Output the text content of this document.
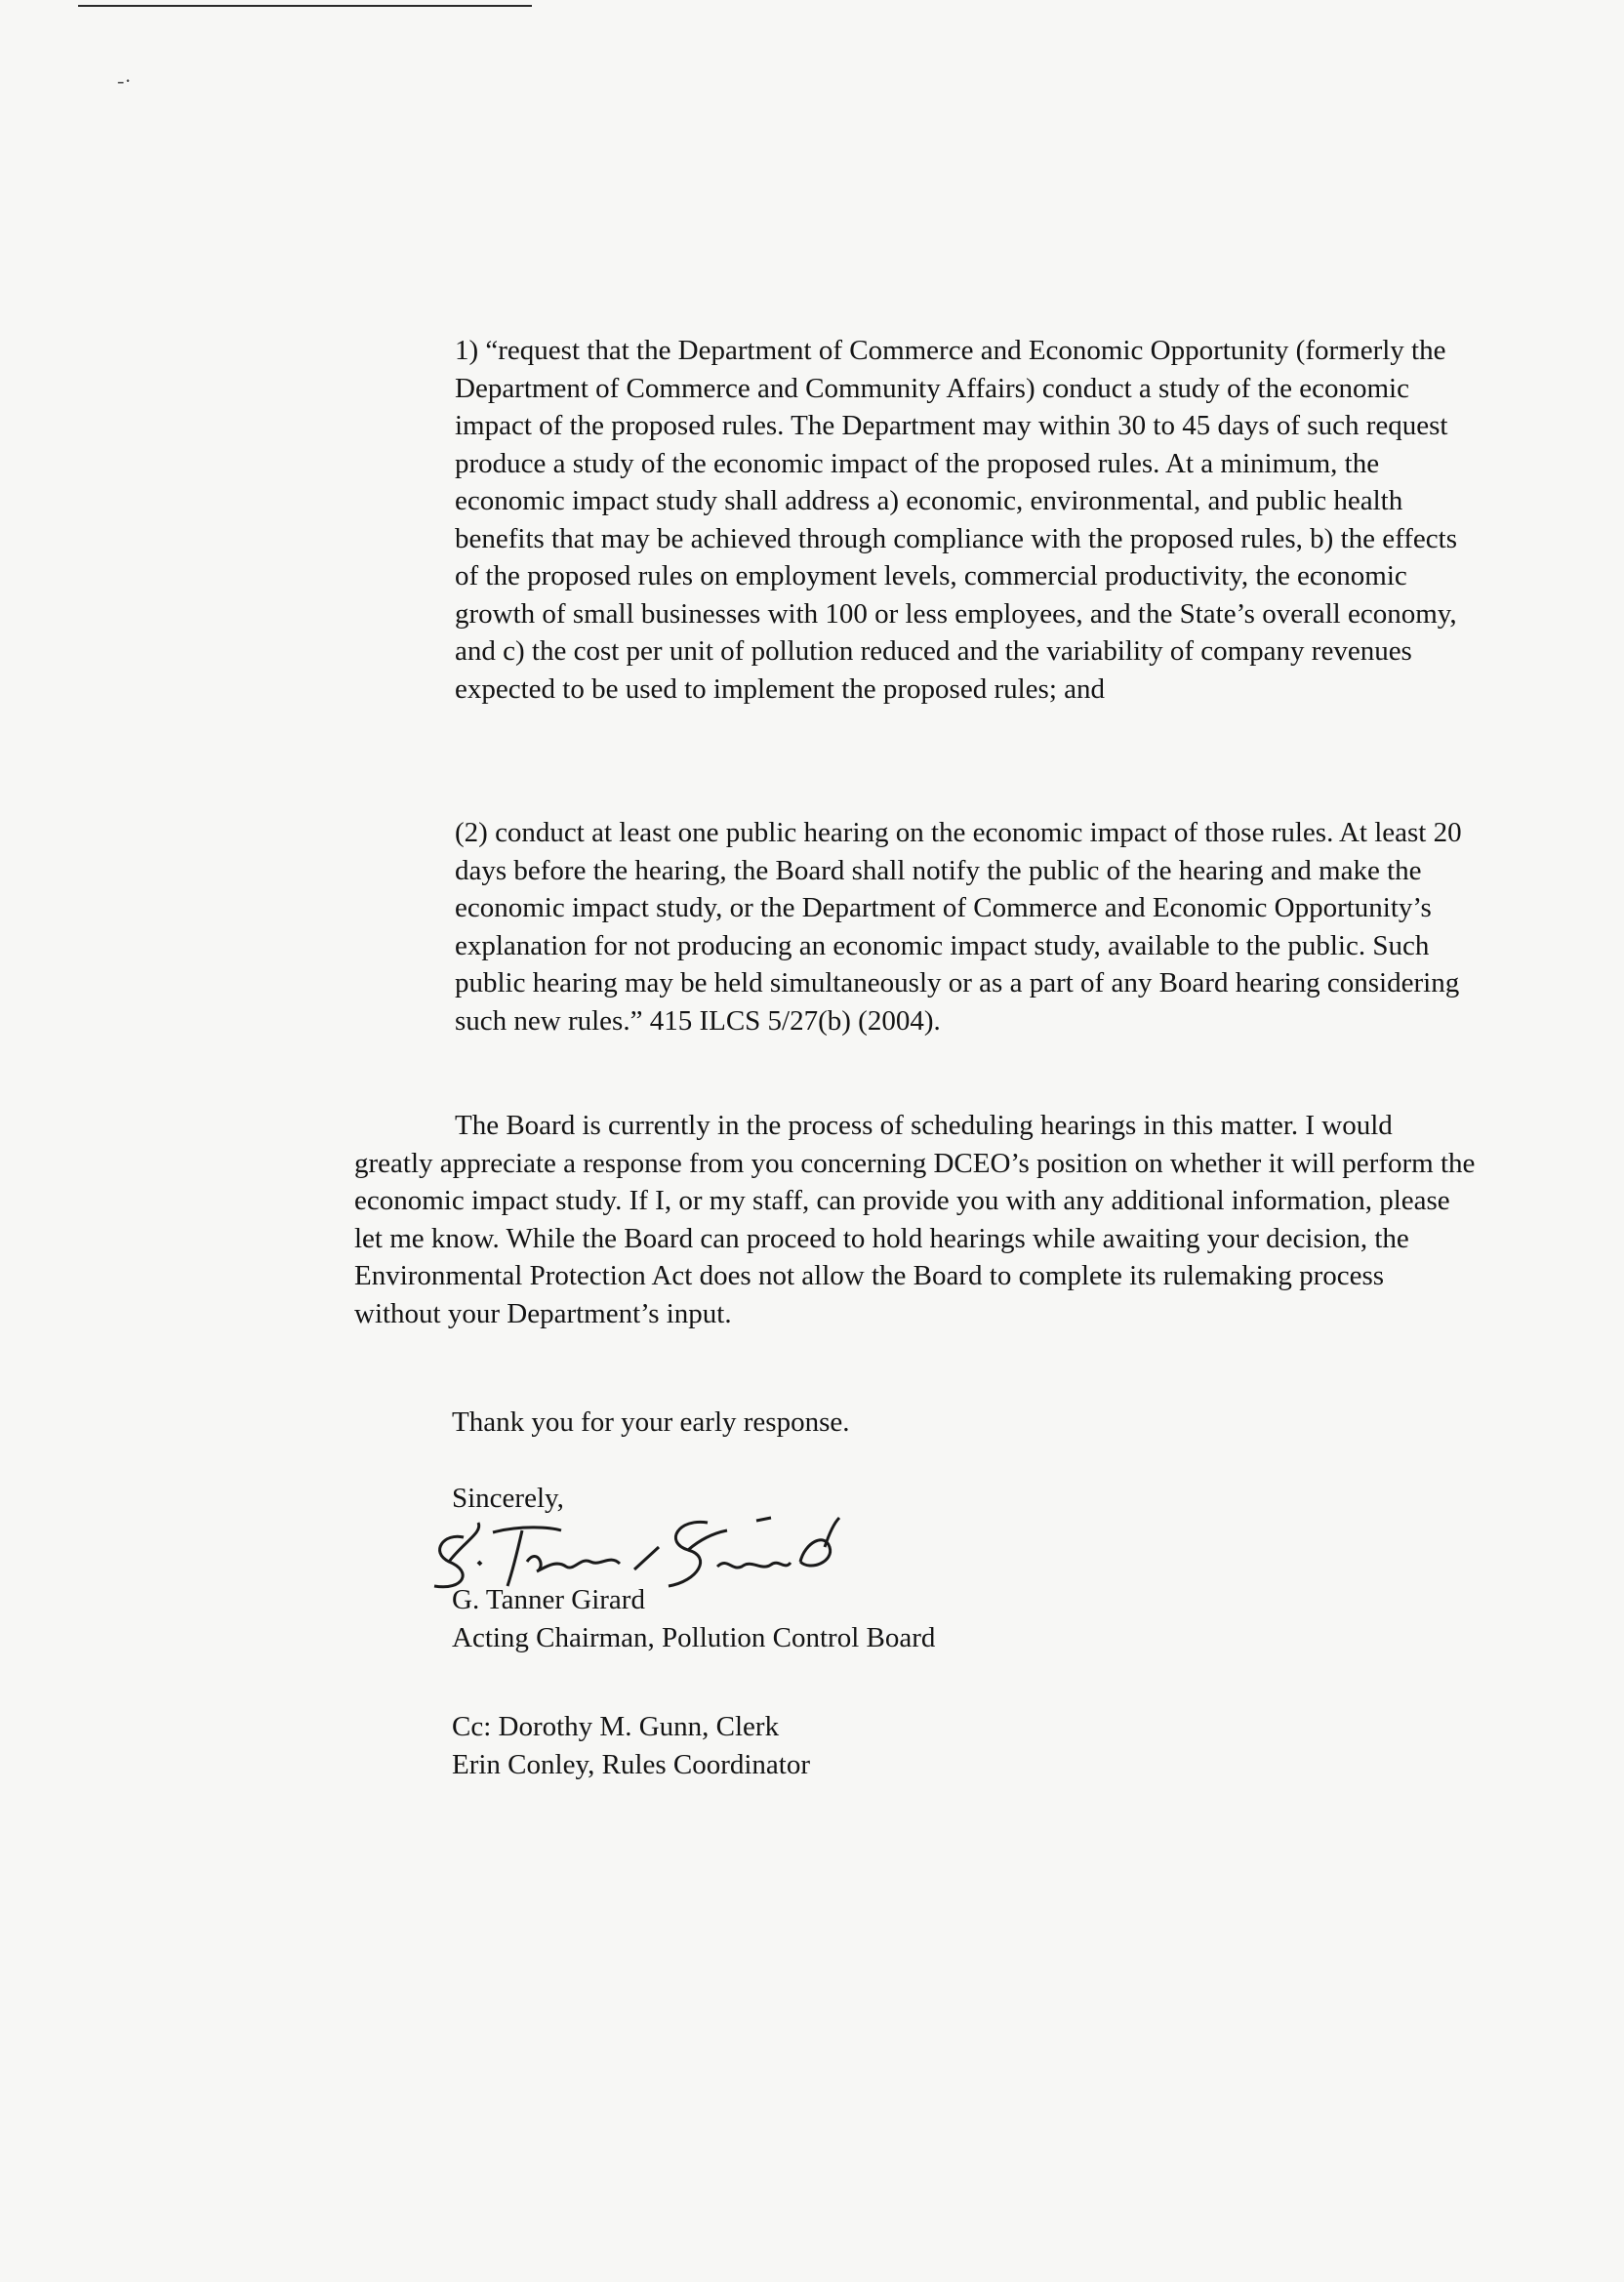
-·

1) “request that the Department of Commerce and Economic Opportunity (formerly the Department of Commerce and Community Affairs) conduct a study of the economic impact of the proposed rules. The Department may within 30 to 45 days of such request produce a study of the economic impact of the proposed rules. At a minimum, the economic impact study shall address a) economic, environmental, and public health benefits that may be achieved through compliance with the proposed rules, b) the effects of the proposed rules on employment levels, commercial productivity, the economic growth of small businesses with 100 or less employees, and the State’s overall economy, and c) the cost per unit of pollution reduced and the variability of company revenues expected to be used to implement the proposed rules; and

(2) conduct at least one public hearing on the economic impact of those rules. At least 20 days before the hearing, the Board shall notify the public of the hearing and make the economic impact study, or the Department of Commerce and Economic Opportunity’s explanation for not producing an economic impact study, available to the public. Such public hearing may be held simultaneously or as a part of any Board hearing considering such new rules.” 415 ILCS 5/27(b) (2004).

The Board is currently in the process of scheduling hearings in this matter. I would greatly appreciate a response from you concerning DCEO’s position on whether it will perform the economic impact study. If I, or my staff, can provide you with any additional information, please let me know. While the Board can proceed to hold hearings while awaiting your decision, the Environmental Protection Act does not allow the Board to complete its rulemaking process without your Department’s input.

Thank you for your early response.

Sincerely,

G. Tanner Girard

Acting Chairman, Pollution Control Board

Cc: Dorothy M. Gunn, Clerk

Erin Conley, Rules Coordinator
